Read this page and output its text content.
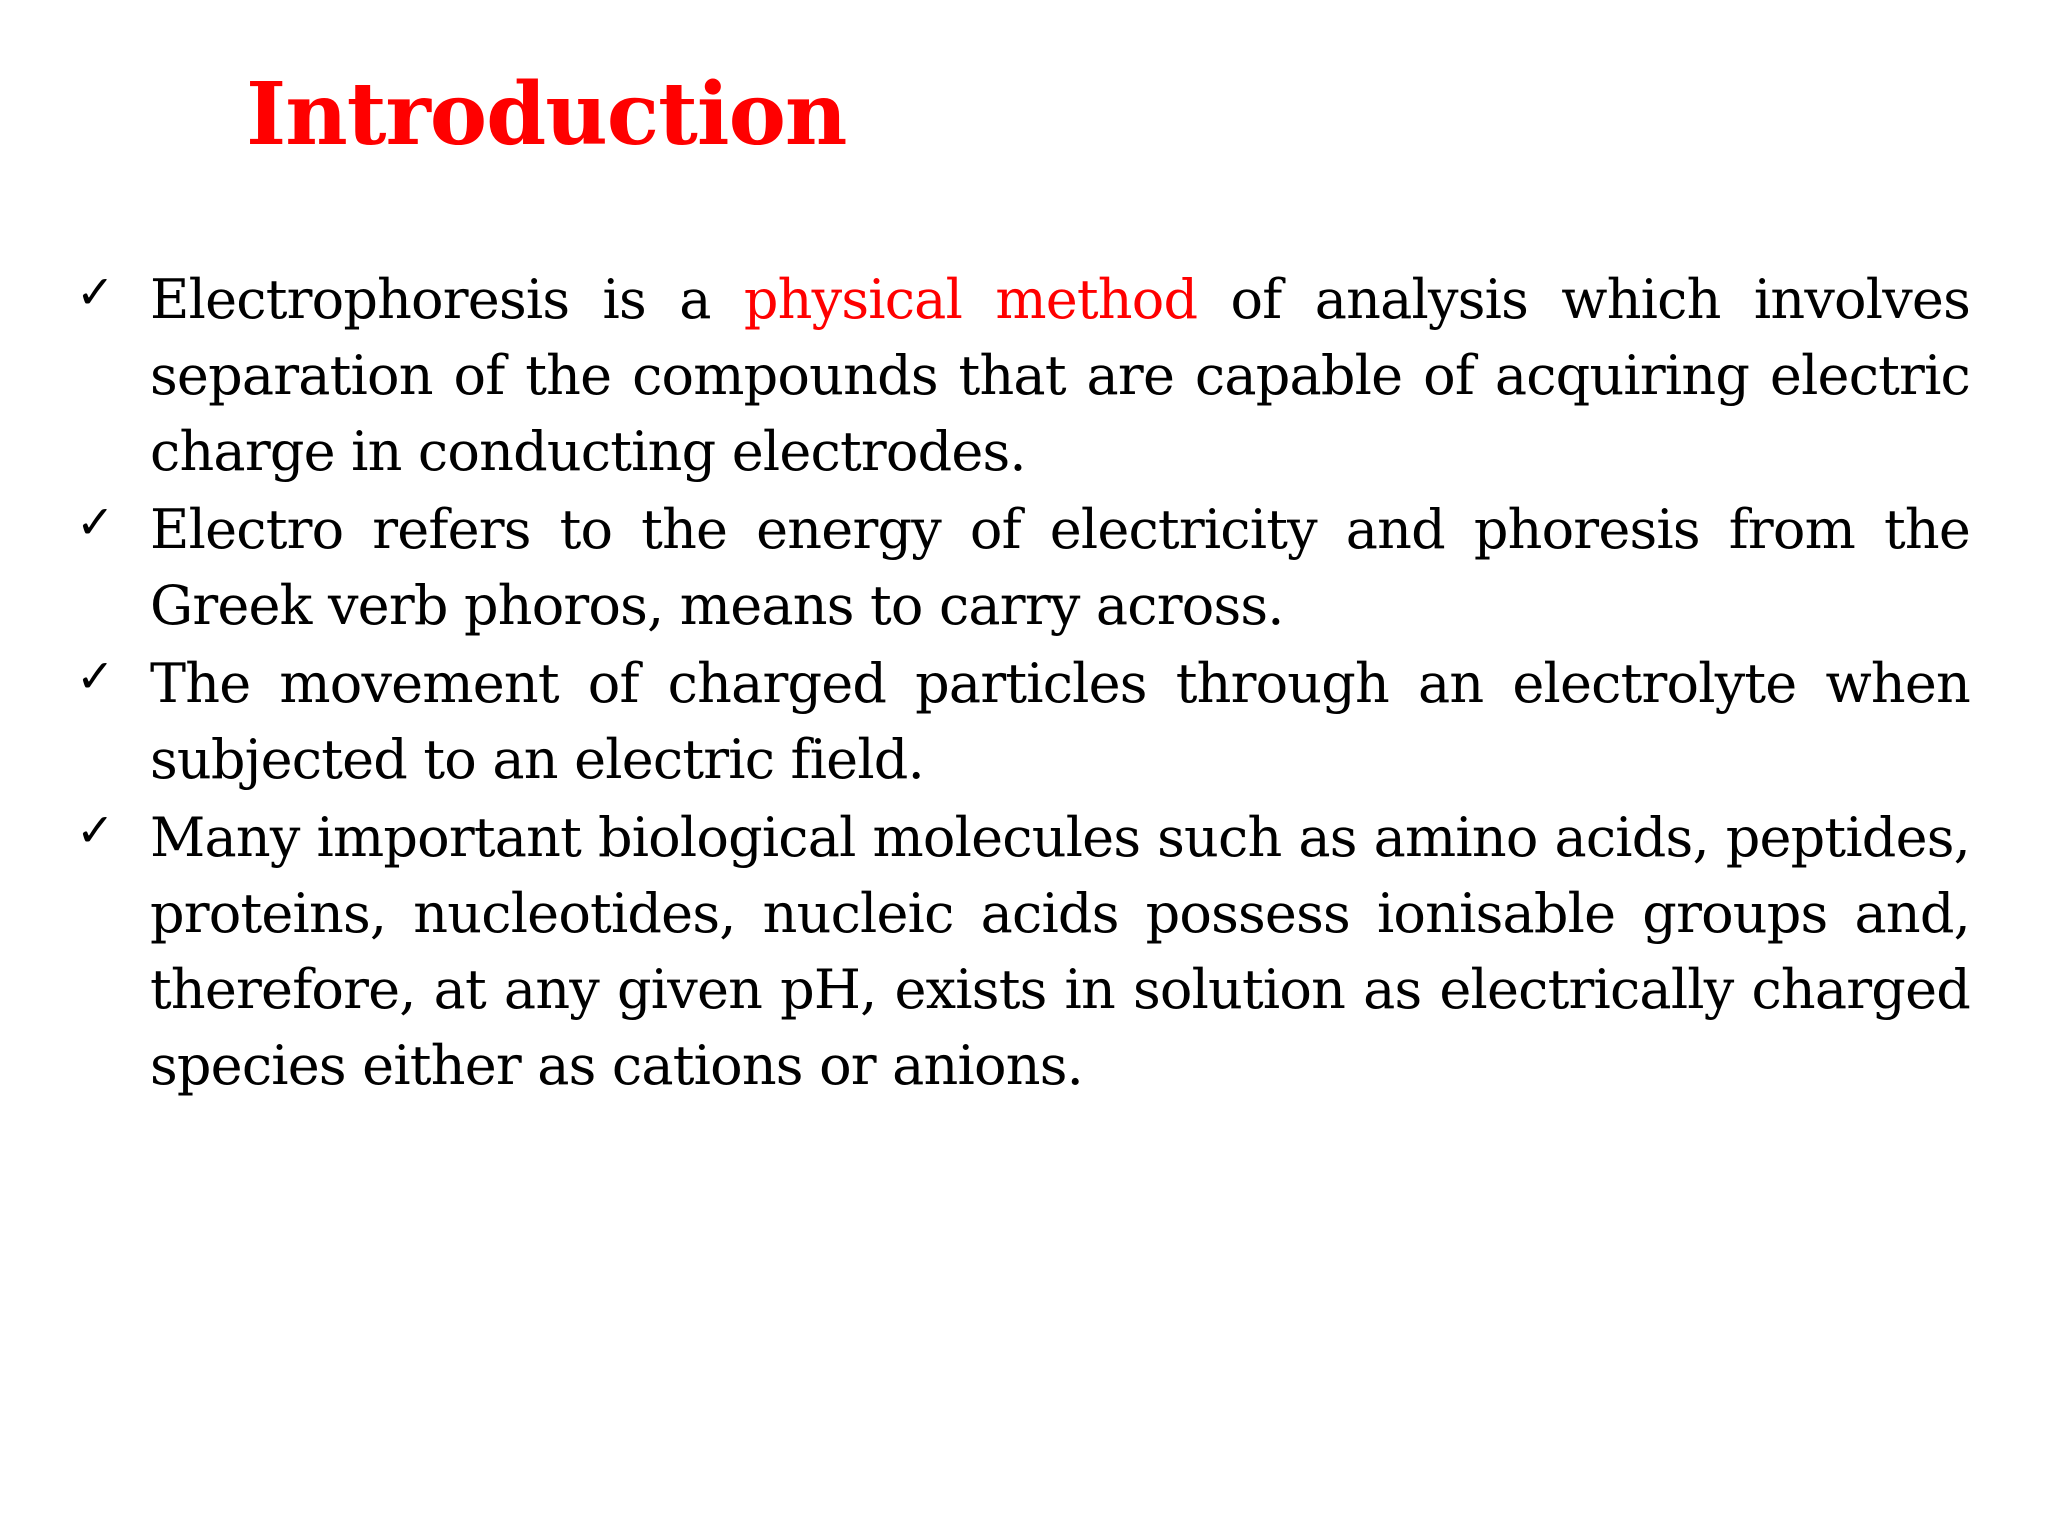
Introduction
✓ Electrophoresis is a physical method of analysis which involves separation of the compounds that are capable of acquiring electric charge in conducting electrodes.
✓ Electro refers to the energy of electricity and phoresis from the Greek verb phoros, means to carry across.
✓ The movement of charged particles through an electrolyte when subjected to an electric field.
✓ Many important biological molecules such as amino acids, peptides, proteins, nucleotides, nucleic acids possess ionisable groups and, therefore, at any given pH, exists in solution as electrically charged species either as cations or anions.
